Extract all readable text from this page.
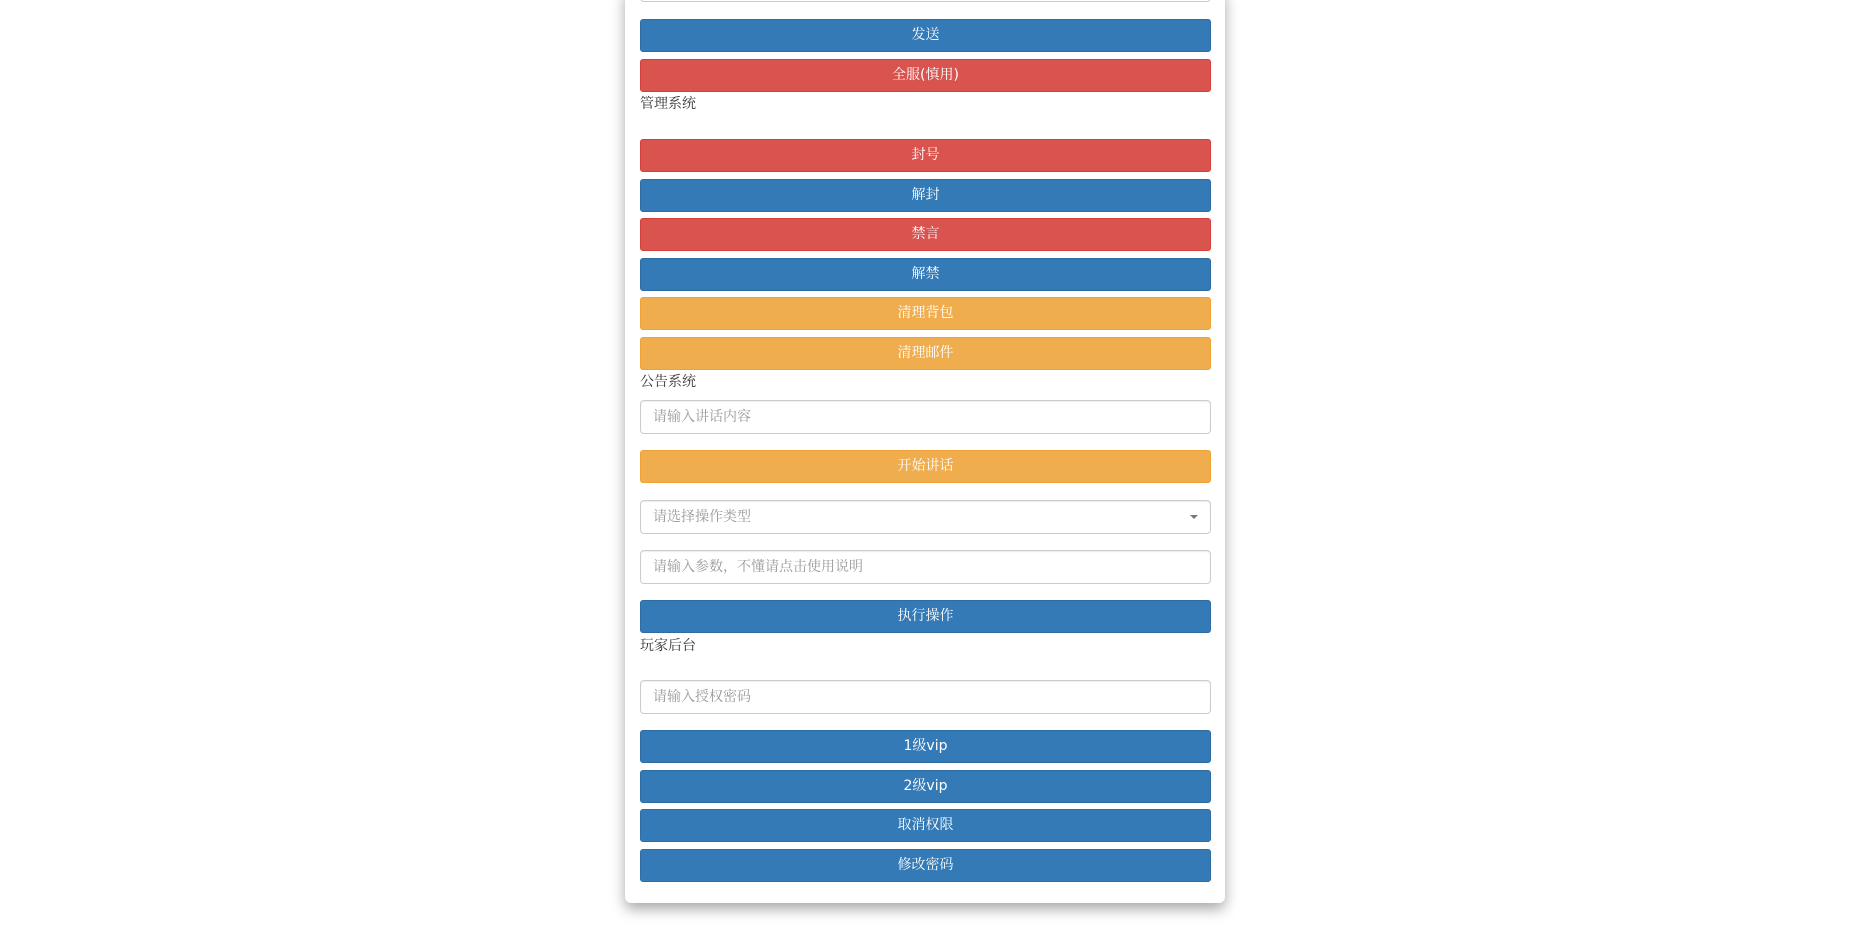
发送
全服(慎用)
管理系统
封号
解封
禁言
解禁
清理背包
清理邮件
公告系统
请输入讲话内容
开始讲话
请选择操作类型
请输入参数，不懂请点击使用说明
执行操作
玩家后台
请输入授权密码
1级vip
2级vip
取消权限
修改密码
